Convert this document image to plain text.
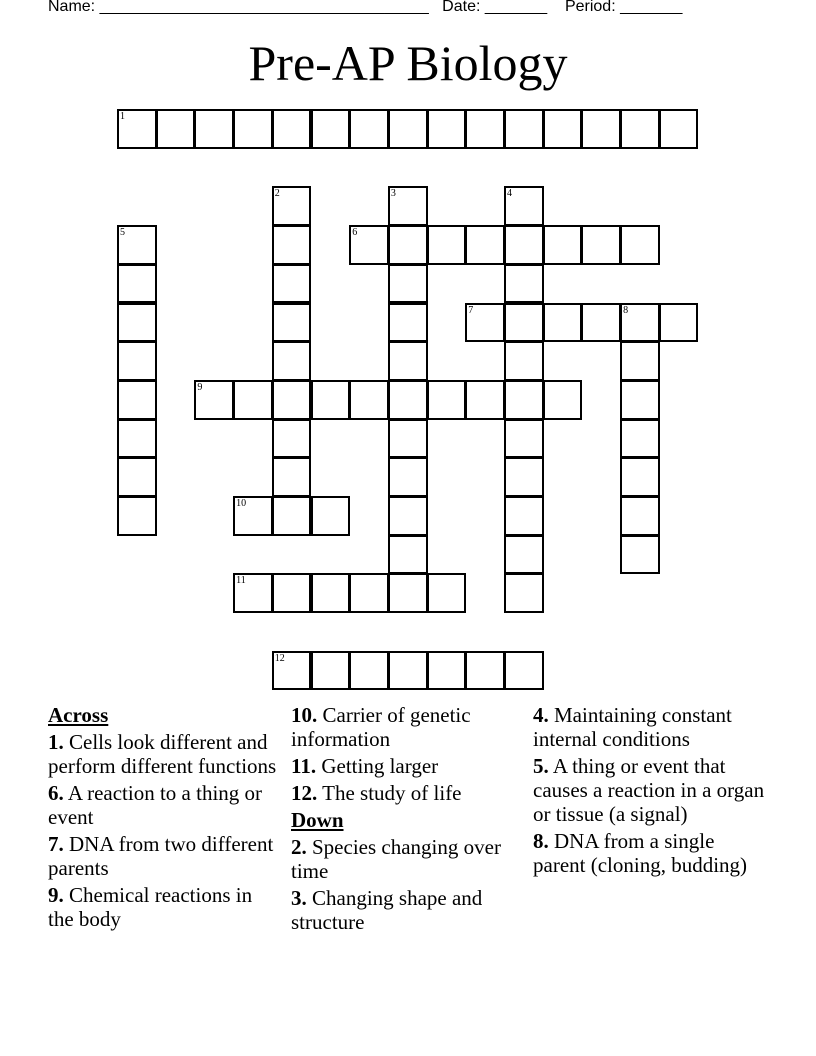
Name: _____________________________________ Date: _______ Period: _______
Pre-AP Biology
1
2	3	4
5	6
7	8
9
10
11
12
Across
1. Cells look different and perform different functions
6. A reaction to a thing or event
7. DNA from two different parents
9. Chemical reactions in the body
10. Carrier of genetic information
11. Getting larger
12. The study of life
Down
2. Species changing over time
3. Changing shape and structure
4. Maintaining constant internal conditions
5. A thing or event that causes a reaction in a organ or tissue (a signal)
8. DNA from a single parent (cloning, budding)
